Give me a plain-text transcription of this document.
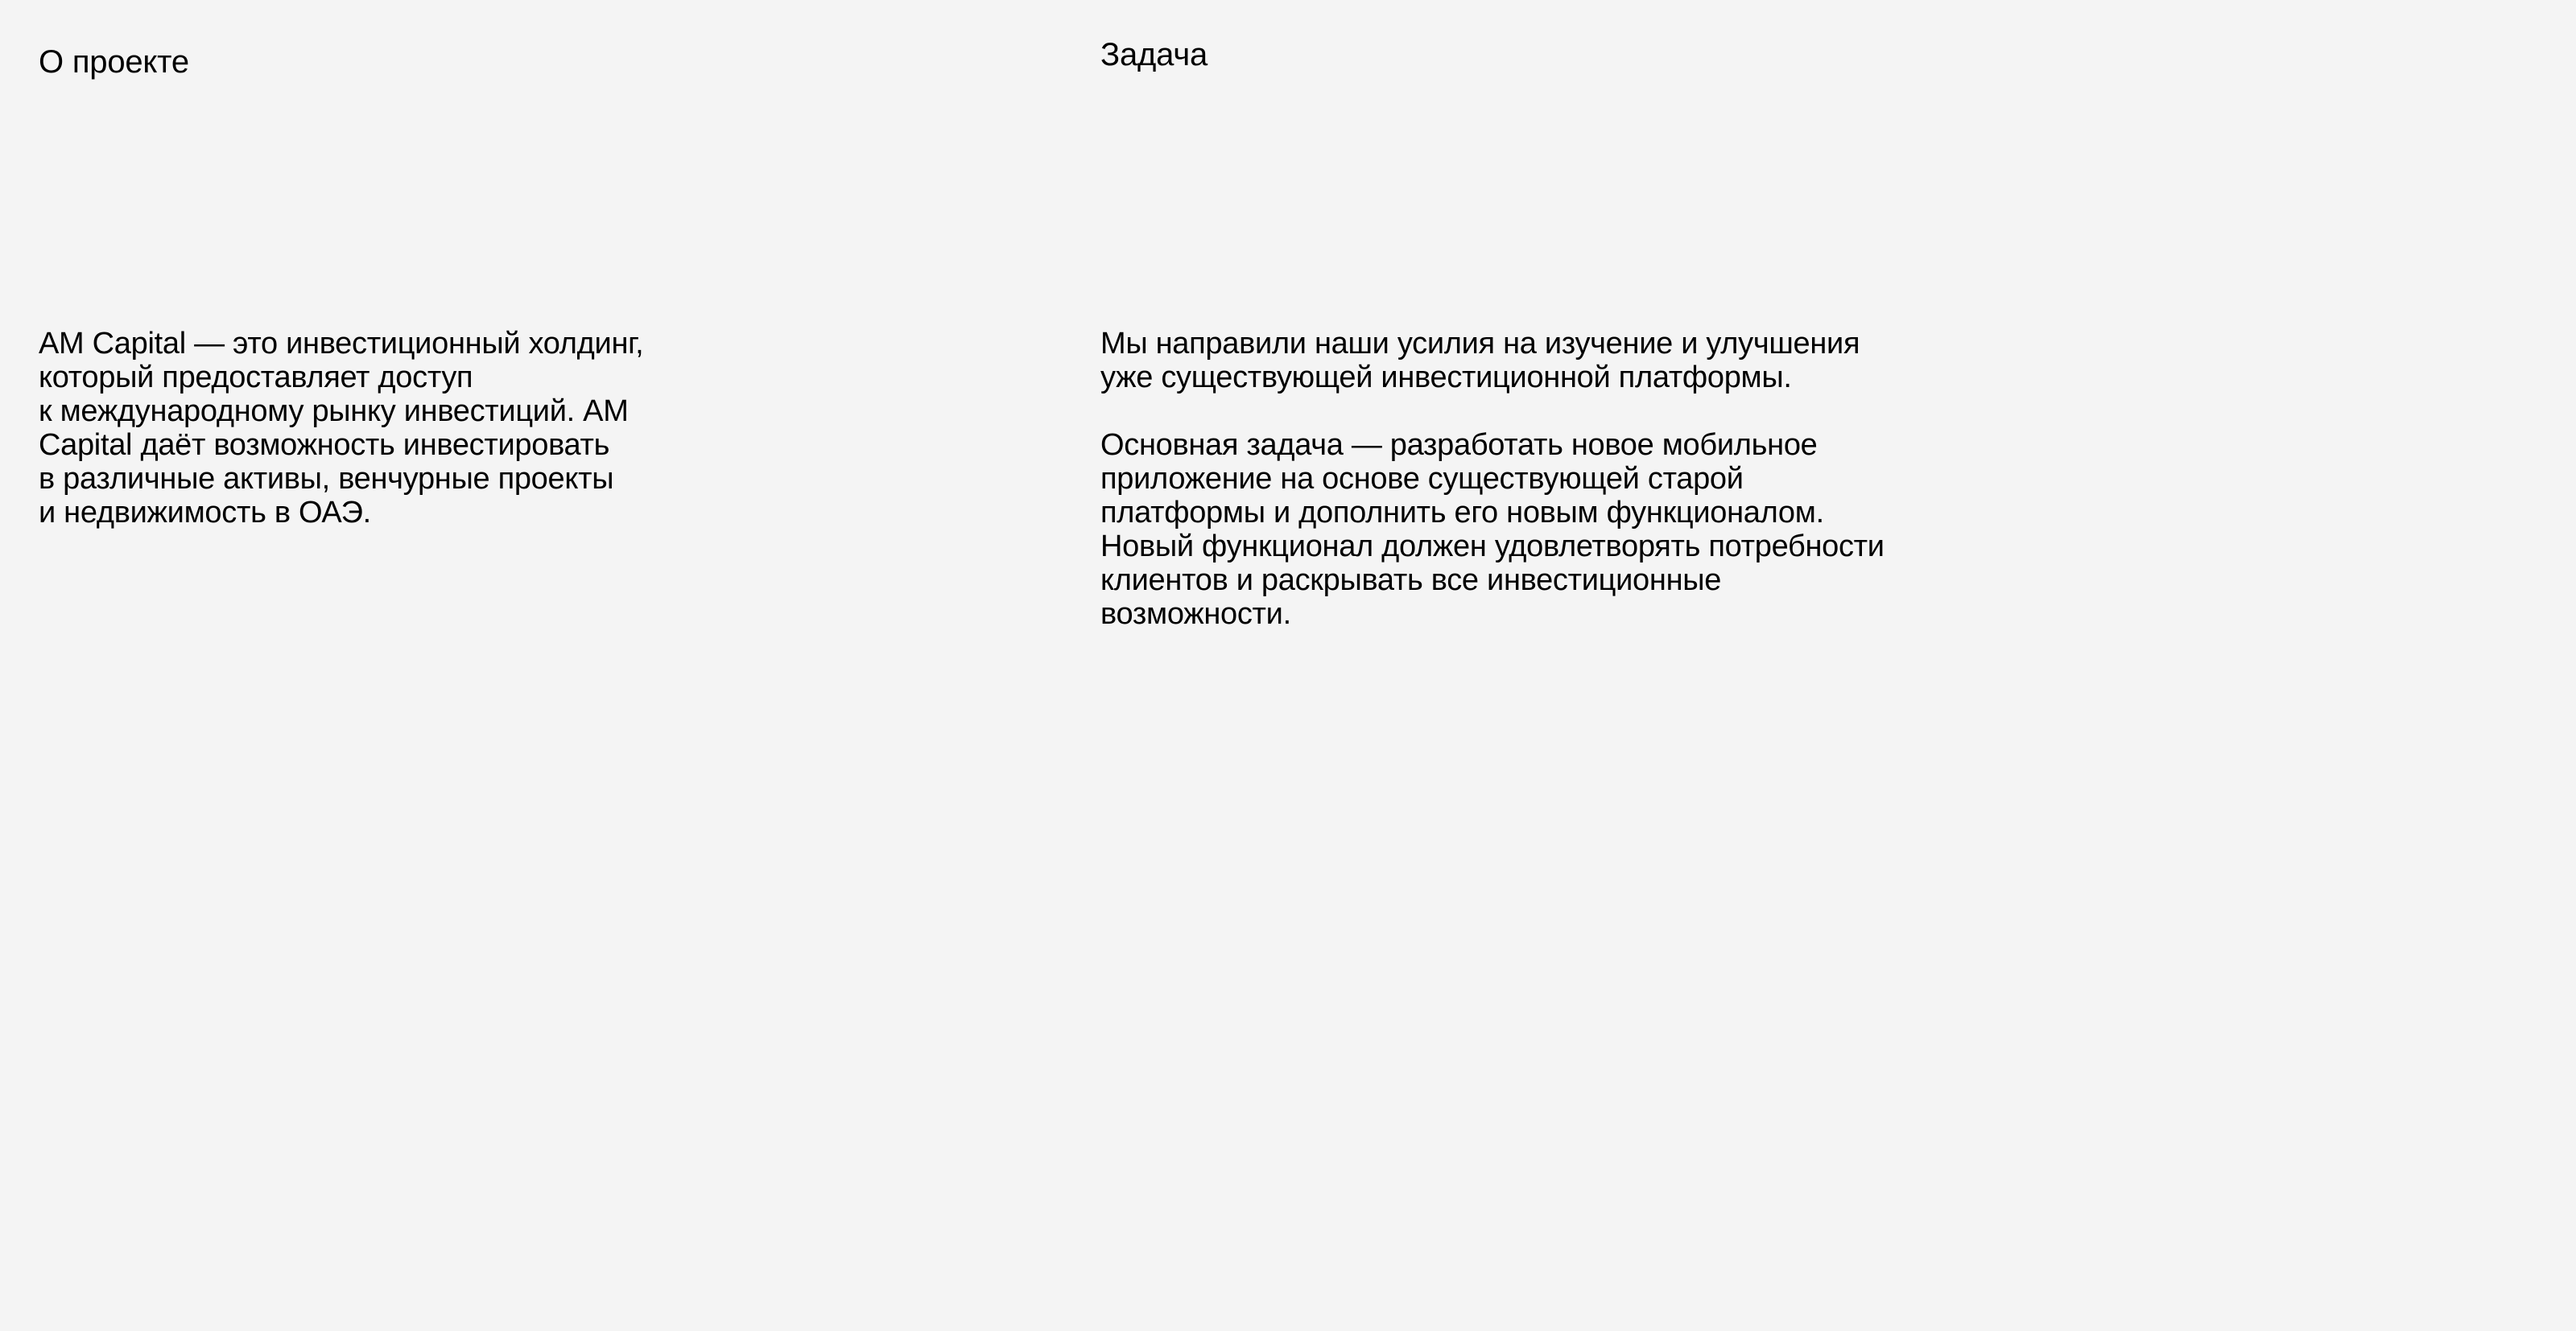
О проекте

AM Capital — это инвестиционный холдинг,
который предоставляет доступ
к международному рынку инвестиций. AM
Capital даёт возможность инвестировать
в различные активы, венчурные проекты
и недвижимость в ОАЭ.

Задача

Мы направили наши усилия на изучение и улучшения
уже существующей инвестиционной платформы.

Основная задача — разработать новое мобильное
приложение на основе существующей старой
платформы и дополнить его новым функционалом.
Новый функционал должен удовлетворять потребности
клиентов и раскрывать все инвестиционные
возможности.
